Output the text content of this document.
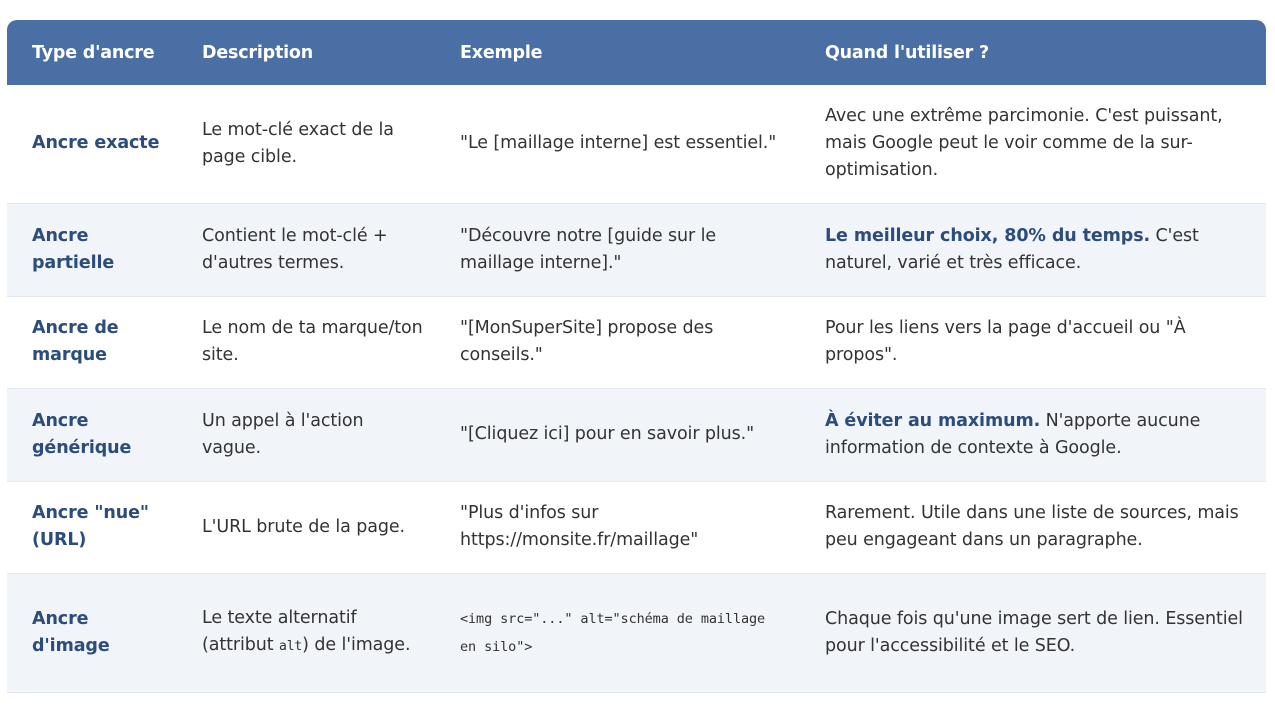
Type d'ancre	Description	Exemple	Quand l'utiliser ?
Ancre exacte	Le mot-clé exact de la page cible.	"Le [maillage interne] est essentiel."	Avec une extrême parcimonie. C'est puissant, mais Google peut le voir comme de la sur-optimisation.
Ancre partielle	Contient le mot-clé + d'autres termes.	"Découvre notre [guide sur le maillage interne]."	Le meilleur choix, 80% du temps. C'est naturel, varié et très efficace.
Ancre de marque	Le nom de ta marque/ton site.	"[MonSuperSite] propose des conseils."	Pour les liens vers la page d'accueil ou "À propos".
Ancre générique	Un appel à l'action vague.	"[Cliquez ici] pour en savoir plus."	À éviter au maximum. N'apporte aucune information de contexte à Google.
Ancre "nue" (URL)	L'URL brute de la page.	"Plus d'infos sur https://monsite.fr/maillage"	Rarement. Utile dans une liste de sources, mais peu engageant dans un paragraphe.
Ancre d'image	Le texte alternatif (attribut alt) de l'image.	<img src="..." alt="schéma de maillage en silo">	Chaque fois qu'une image sert de lien. Essentiel pour l'accessibilité et le SEO.
